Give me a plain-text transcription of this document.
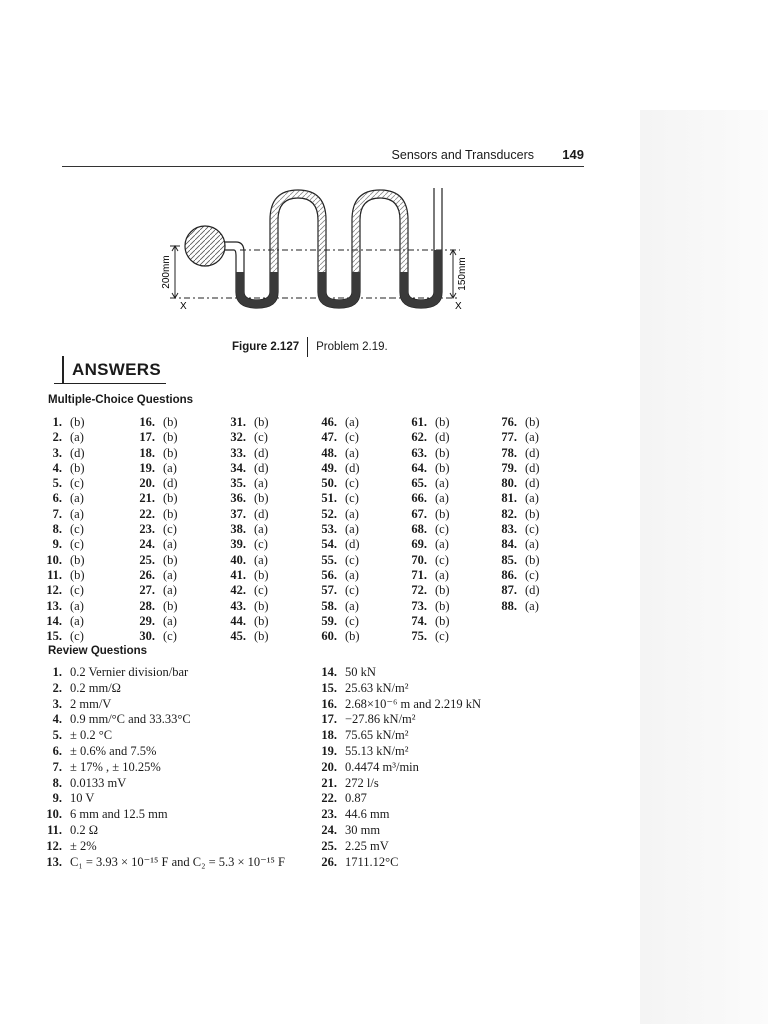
Sensors and Transducers 149
200mm	150mm
X	X
Figure 2.127 Problem 2.19.
ANSWERS
Multiple-Choice Questions
1. (b)
2. (a)
3. (d)
4. (b)
5. (c)
6. (a)
7. (a)
8. (c)
9. (c)
10. (b)
11. (b)
12. (c)
13. (a)
14. (a)
15. (c)
16. (b)
17. (b)
18. (b)
19. (a)
20. (d)
21. (b)
22. (b)
23. (c)
24. (a)
25. (b)
26. (a)
27. (a)
28. (b)
29. (a)
30. (c)
31. (b)
32. (c)
33. (d)
34. (d)
35. (a)
36. (b)
37. (d)
38. (a)
39. (c)
40. (a)
41. (b)
42. (c)
43. (b)
44. (b)
45. (b)
46. (a)
47. (c)
48. (a)
49. (d)
50. (c)
51. (c)
52. (a)
53. (a)
54. (d)
55. (c)
56. (a)
57. (c)
58. (a)
59. (c)
60. (b)
61. (b)
62. (d)
63. (b)
64. (b)
65. (a)
66. (a)
67. (b)
68. (c)
69. (a)
70. (c)
71. (a)
72. (b)
73. (b)
74. (b)
75. (c)
76. (b)
77. (a)
78. (d)
79. (d)
80. (d)
81. (a)
82. (b)
83. (c)
84. (a)
85. (b)
86. (c)
87. (d)
88. (a)
Review Questions
1. 0.2 Vernier division/bar
2. 0.2 mm/Ω
3. 2 mm/V
4. 0.9 mm/°C and 33.33°C
5. ± 0.2 °C
6. ± 0.6% and 7.5%
7. ± 17% , ± 10.25%
8. 0.0133 mV
9. 10 V
10. 6 mm and 12.5 mm
11. 0.2 Ω
12. ± 2%
13. C₁ = 3.93 × 10⁻¹⁵ F and C₂ = 5.3 × 10⁻¹⁵ F
14. 50 kN
15. 25.63 kN/m²
16. 2.68×10⁻⁶ m and 2.219 kN
17. −27.86 kN/m²
18. 75.65 kN/m²
19. 55.13 kN/m²
20. 0.4474 m³/min
21. 272 l/s
22. 0.87
23. 44.6 mm
24. 30 mm
25. 2.25 mV
26. 1711.12°C
